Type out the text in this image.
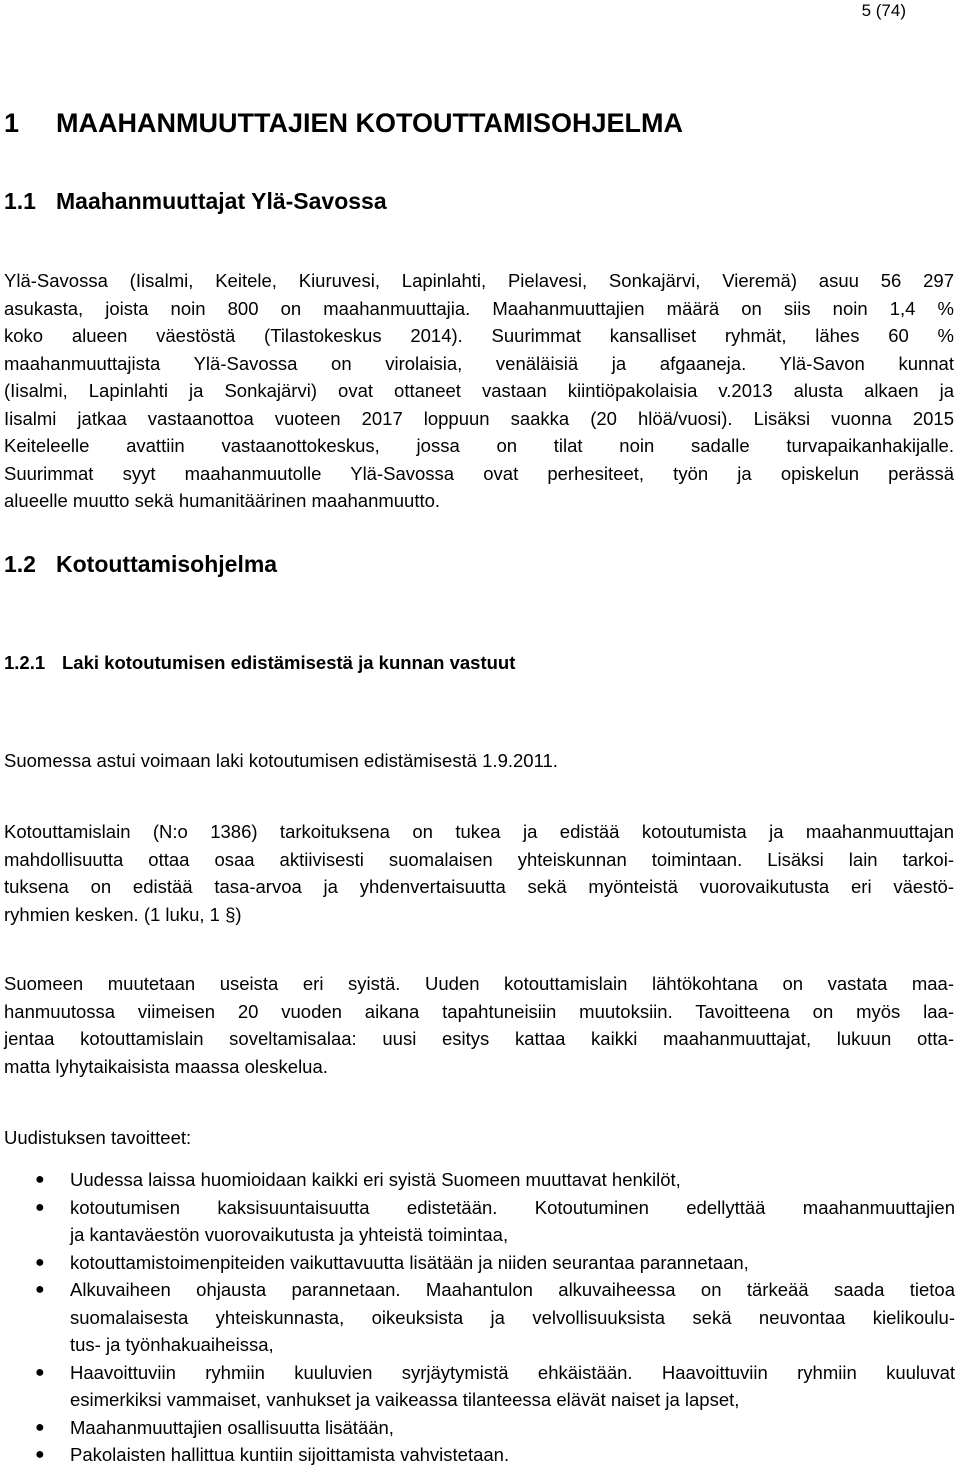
5 (74)
1 MAAHANMUUTTAJIEN KOTOUTTAMISOHJELMA
1.1 Maahanmuuttajat Ylä-Savossa
Ylä-Savossa (Iisalmi, Keitele, Kiuruvesi, Lapinlahti, Pielavesi, Sonkajärvi, Vieremä) asuu 56 297
asukasta, joista noin 800 on maahanmuuttajia. Maahanmuuttajien määrä on siis noin 1,4 %
koko alueen väestöstä (Tilastokeskus 2014). Suurimmat kansalliset ryhmät, lähes 60 %
maahanmuuttajista Ylä-Savossa on virolaisia, venäläisiä ja afgaaneja. Ylä-Savon kunnat
(Iisalmi, Lapinlahti ja Sonkajärvi) ovat ottaneet vastaan kiintiöpakolaisia v.2013 alusta alkaen ja
Iisalmi jatkaa vastaanottoa vuoteen 2017 loppuun saakka (20 hlöä/vuosi). Lisäksi vuonna 2015
Keiteleelle avattiin vastaanottokeskus, jossa on tilat noin sadalle turvapaikanhakijalle.
Suurimmat syyt maahanmuutolle Ylä-Savossa ovat perhesiteet, työn ja opiskelun perässä
alueelle muutto sekä humanitäärinen maahanmuutto.
1.2 Kotouttamisohjelma
1.2.1 Laki kotoutumisen edistämisestä ja kunnan vastuut
Suomessa astui voimaan laki kotoutumisen edistämisestä 1.9.2011.
Kotouttamislain (N:o 1386) tarkoituksena on tukea ja edistää kotoutumista ja maahanmuuttajan
mahdollisuutta ottaa osaa aktiivisesti suomalaisen yhteiskunnan toimintaan. Lisäksi lain tarkoi-
tuksena on edistää tasa-arvoa ja yhdenvertaisuutta sekä myönteistä vuorovaikutusta eri väestö-
ryhmien kesken. (1 luku, 1 §)
Suomeen muutetaan useista eri syistä. Uuden kotouttamislain lähtökohtana on vastata maa-
hanmuutossa viimeisen 20 vuoden aikana tapahtuneisiin muutoksiin. Tavoitteena on myös laa-
jentaa kotouttamislain soveltamisalaa: uusi esitys kattaa kaikki maahanmuuttajat, lukuun otta-
matta lyhytaikaisista maassa oleskelua.
Uudistuksen tavoitteet:
● Uudessa laissa huomioidaan kaikki eri syistä Suomeen muuttavat henkilöt,
● kotoutumisen kaksisuuntaisuutta edistetään. Kotoutuminen edellyttää maahanmuuttajien
ja kantaväestön vuorovaikutusta ja yhteistä toimintaa,
● kotouttamistoimenpiteiden vaikuttavuutta lisätään ja niiden seurantaa parannetaan,
● Alkuvaiheen ohjausta parannetaan. Maahantulon alkuvaiheessa on tärkeää saada tietoa
suomalaisesta yhteiskunnasta, oikeuksista ja velvollisuuksista sekä neuvontaa kielikoulu-
tus- ja työnhakuaiheissa,
● Haavoittuviin ryhmiin kuuluvien syrjäytymistä ehkäistään. Haavoittuviin ryhmiin kuuluvat
esimerkiksi vammaiset, vanhukset ja vaikeassa tilanteessa elävät naiset ja lapset,
● Maahanmuuttajien osallisuutta lisätään,
● Pakolaisten hallittua kuntiin sijoittamista vahvistetaan.
